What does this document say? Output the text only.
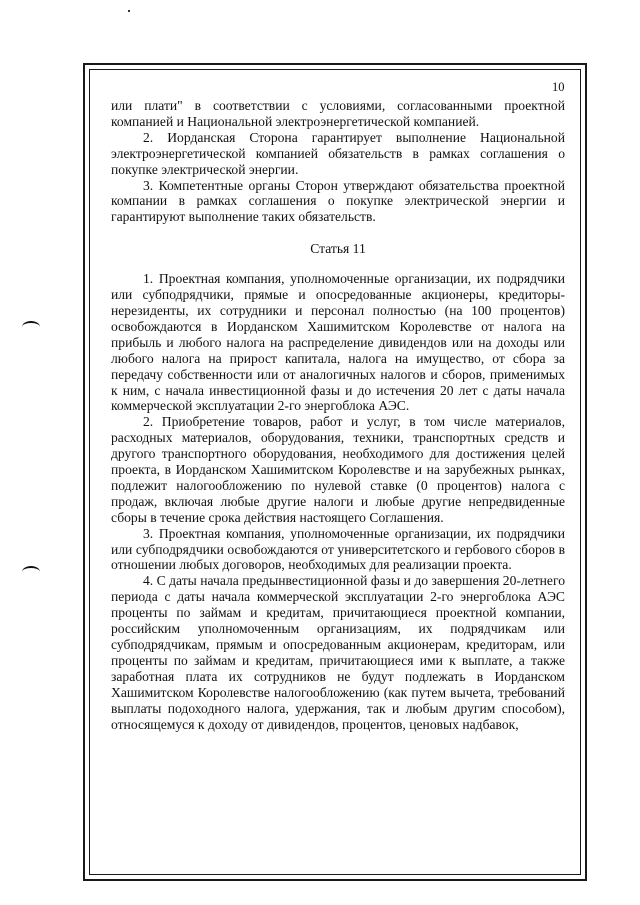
10

или плати" в соответствии с условиями, согласованными проектной компанией и Национальной электроэнергетической компанией.

2. Иорданская Сторона гарантирует выполнение Национальной электроэнергетической компанией обязательств в рамках соглашения о покупке электрической энергии.

3. Компетентные органы Сторон утверждают обязательства проектной компании в рамках соглашения о покупке электрической энергии и гарантируют выполнение таких обязательств.

Статья 11

1. Проектная компания, уполномоченные организации, их подрядчики или субподрядчики, прямые и опосредованные акционеры, кредиторы-нерезиденты, их сотрудники и персонал полностью (на 100 процентов) освобождаются в Иорданском Хашимитском Королевстве от налога на прибыль и любого налога на распределение дивидендов или на доходы или любого налога на прирост капитала, налога на имущество, от сбора за передачу собственности или от аналогичных налогов и сборов, применимых к ним, с начала инвестиционной фазы и до истечения 20 лет с даты начала коммерческой эксплуатации 2-го энергоблока АЭС.

2. Приобретение товаров, работ и услуг, в том числе материалов, расходных материалов, оборудования, техники, транспортных средств и другого транспортного оборудования, необходимого для достижения целей проекта, в Иорданском Хашимитском Королевстве и на зарубежных рынках, подлежит налогообложению по нулевой ставке (0 процентов) налога с продаж, включая любые другие налоги и любые другие непредвиденные сборы в течение срока действия настоящего Соглашения.

3. Проектная компания, уполномоченные организации, их подрядчики или субподрядчики освобождаются от университетского и гербового сборов в отношении любых договоров, необходимых для реализации проекта.

4. С даты начала предынвестиционной фазы и до завершения 20-летнего периода с даты начала коммерческой эксплуатации 2-го энергоблока АЭС проценты по займам и кредитам, причитающиеся проектной компании, российским уполномоченным организациям, их подрядчикам или субподрядчикам, прямым и опосредованным акционерам, кредиторам, или проценты по займам и кредитам, причитающиеся ими к выплате, а также заработная плата их сотрудников не будут подлежать в Иорданском Хашимитском Королевстве налогообложению (как путем вычета, требований выплаты подоходного налога, удержания, так и любым другим способом), относящемуся к доходу от дивидендов, процентов, ценовых надбавок,
